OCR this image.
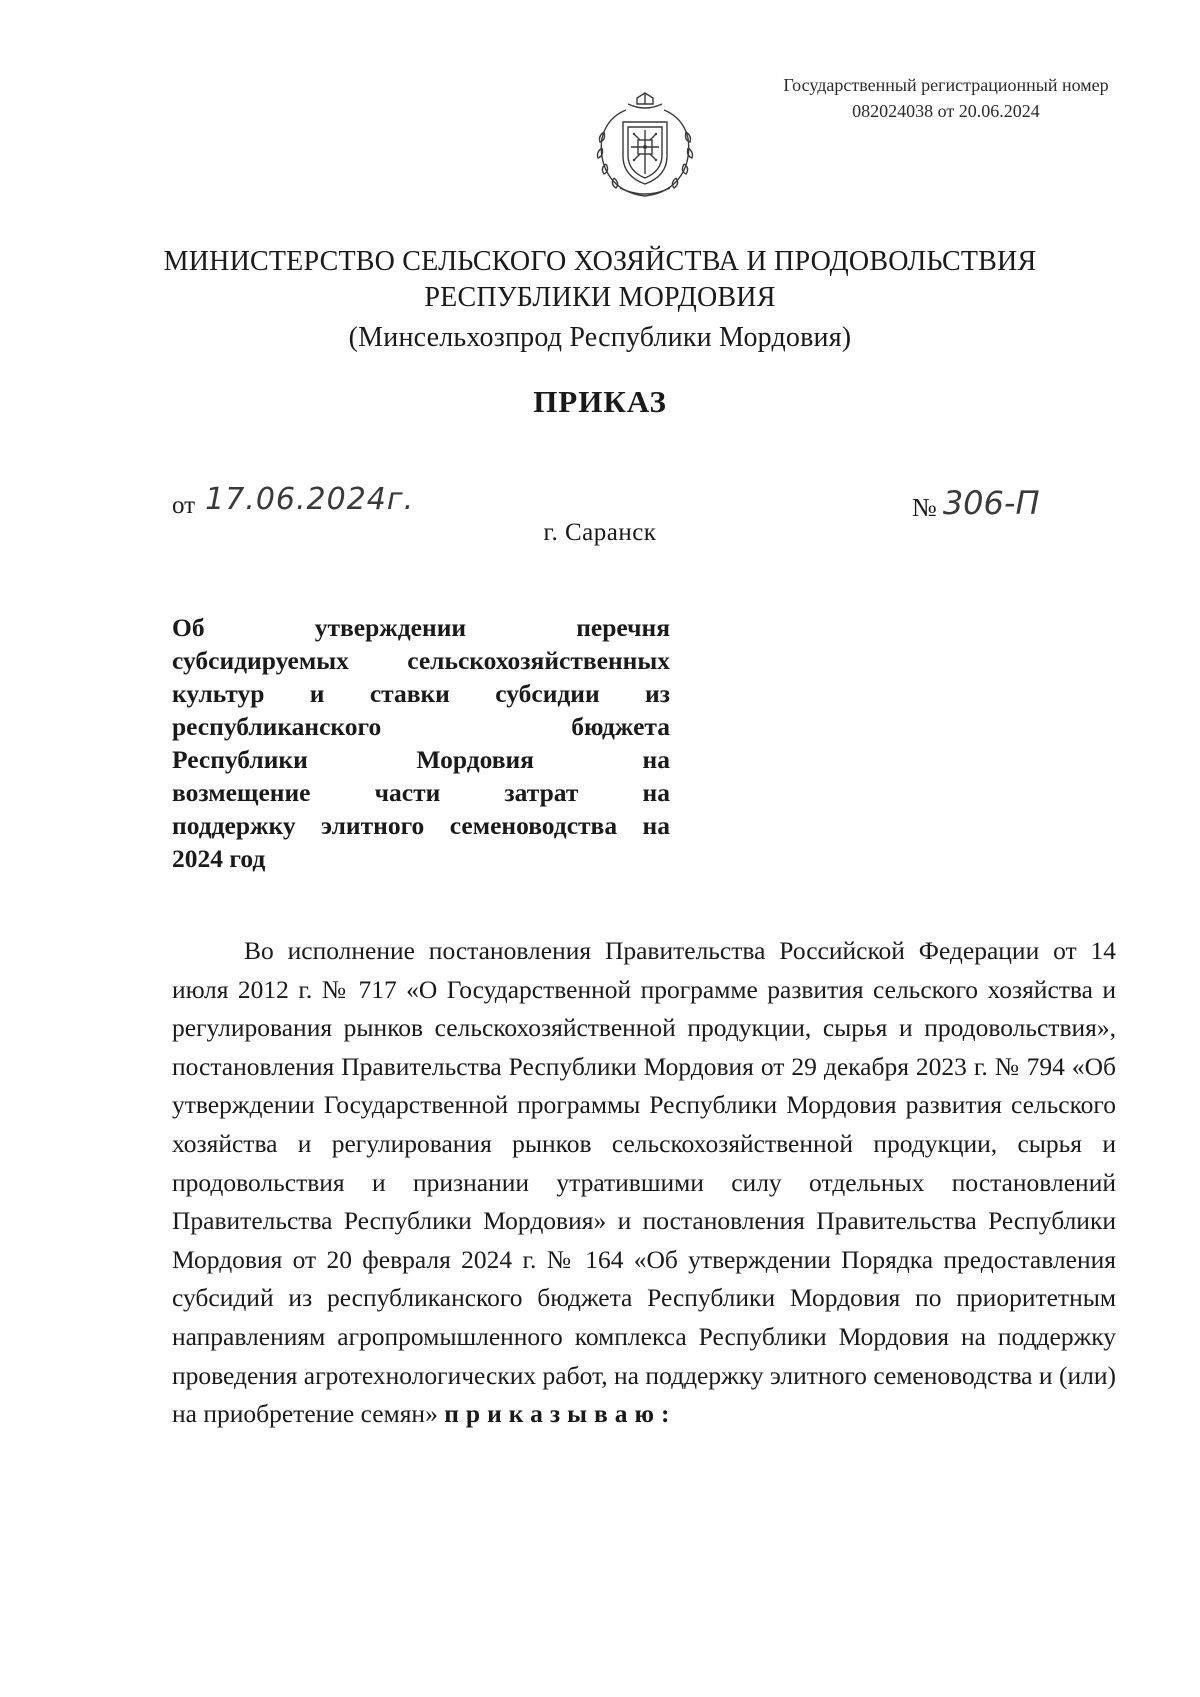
Государственный регистрационный номер
082024038 от 20.06.2024
МИНИСТЕРСТВО СЕЛЬСКОГО ХОЗЯЙСТВА И ПРОДОВОЛЬСТВИЯ
РЕСПУБЛИКИ МОРДОВИЯ
(Минсельхозпрод Республики Мордовия)
ПРИКАЗ
от 17.06.2024г.	№ 306-П
г. Саранск
Об утверждении перечня
субсидируемых сельскохозяйственных
культур и ставки субсидии из
республиканского бюджета
Республики Мордовия на
возмещение части затрат на
поддержку элитного семеноводства на
2024 год
Во исполнение постановления Правительства Российской Федерации от 14 июля 2012 г. № 717 «О Государственной программе развития сельского хозяйства и регулирования рынков сельскохозяйственной продукции, сырья и продовольствия», постановления Правительства Республики Мордовия от 29 декабря 2023 г. № 794 «Об утверждении Государственной программы Республики Мордовия развития сельского хозяйства и регулирования рынков сельскохозяйственной продукции, сырья и продовольствия и признании утратившими силу отдельных постановлений Правительства Республики Мордовия» и постановления Правительства Республики Мордовия от 20 февраля 2024 г. № 164 «Об утверждении Порядка предоставления субсидий из республиканского бюджета Республики Мордовия по приоритетным направлениям агропромышленного комплекса Республики Мордовия на поддержку проведения агротехнологических работ, на поддержку элитного семеноводства и (или) на приобретение семян» приказываю:
